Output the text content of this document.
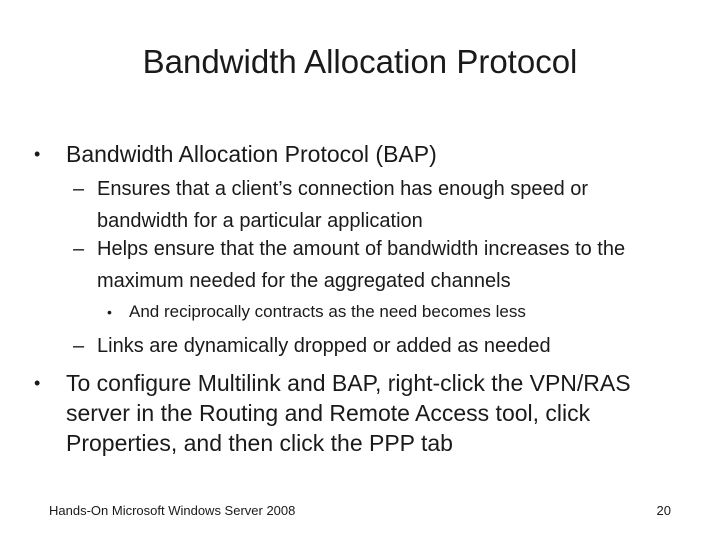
Bandwidth Allocation Protocol
•	Bandwidth Allocation Protocol (BAP)
– Ensures that a client’s connection has enough speed or bandwidth for a particular application
– Helps ensure that the amount of bandwidth increases to the maximum needed for the aggregated channels
•	And reciprocally contracts as the need becomes less
– Links are dynamically dropped or added as needed
•	To configure Multilink and BAP, right-click the VPN/RAS server in the Routing and Remote Access tool, click Properties, and then click the PPP tab
Hands-On Microsoft Windows Server 2008	20
